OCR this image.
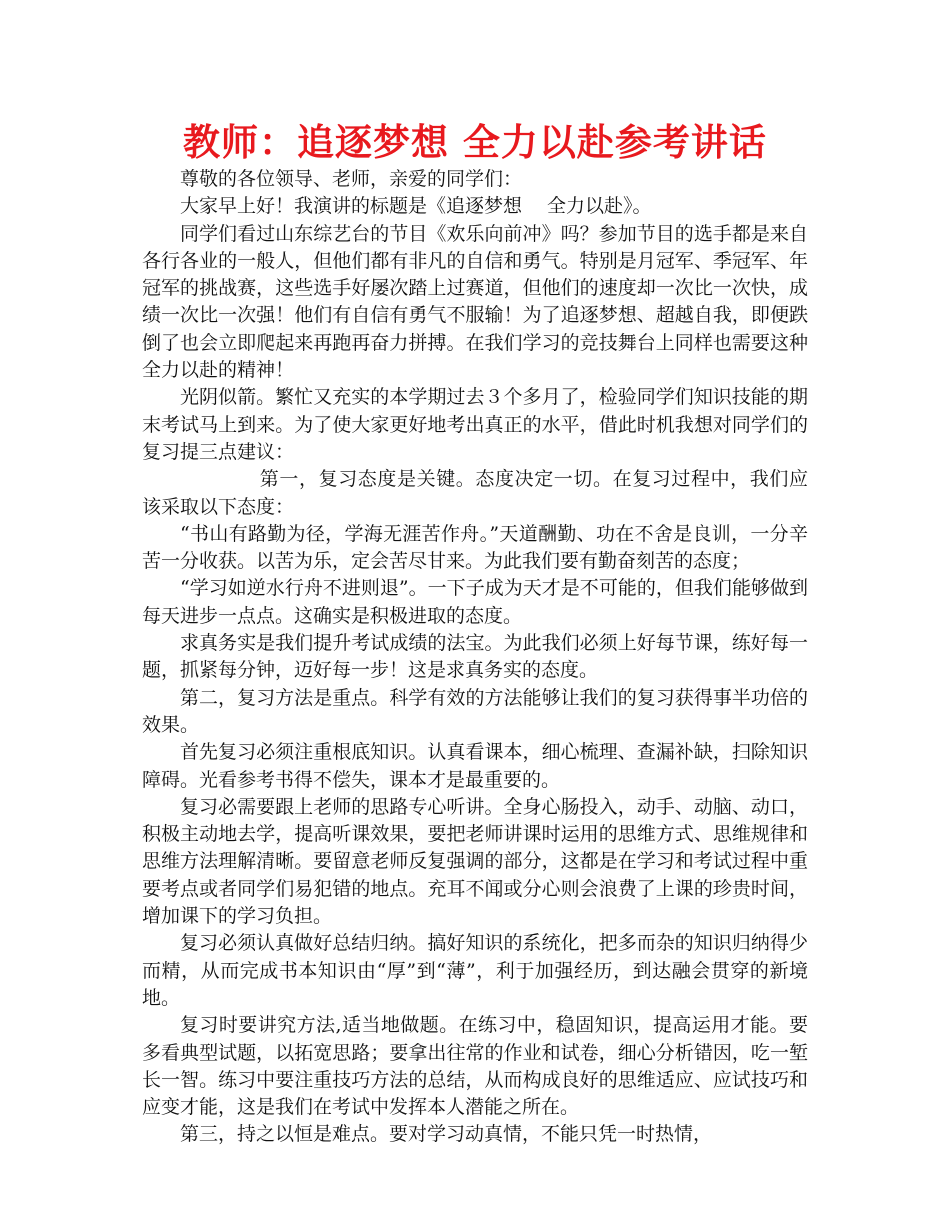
教师：追逐梦想 全力以赴参考讲话

尊敬的各位领导、老师，亲爱的同学们：

大家早上好！我演讲的标题是《追逐梦想　 全力以赴》。

同学们看过山东综艺台的节目《欢乐向前冲》吗？参加节目的选手都是来自各行各业的一般人，但他们都有非凡的自信和勇气。特别是月冠军、季冠军、年冠军的挑战赛，这些选手好屡次踏上过赛道，但他们的速度却一次比一次快，成绩一次比一次强！他们有自信有勇气不服输！为了追逐梦想、超越自我，即便跌倒了也会立即爬起来再跑再奋力拼搏。在我们学习的竞技舞台上同样也需要这种全力以赴的精神！

光阴似箭。繁忙又充实的本学期过去３个多月了，检验同学们知识技能的期末考试马上到来。为了使大家更好地考出真正的水平，借此时机我想对同学们的复习提三点建议：

第一，复习态度是关键。态度决定一切。在复习过程中，我们应该采取以下态度：

“书山有路勤为径，学海无涯苦作舟。”天道酬勤、功在不舍是良训，一分辛苦一分收获。以苦为乐，定会苦尽甘来。为此我们要有勤奋刻苦的态度；

“学习如逆水行舟不进则退”。一下子成为天才是不可能的，但我们能够做到每天进步一点点。这确实是积极进取的态度。

求真务实是我们提升考试成绩的法宝。为此我们必须上好每节课，练好每一题，抓紧每分钟，迈好每一步！这是求真务实的态度。

第二，复习方法是重点。科学有效的方法能够让我们的复习获得事半功倍的效果。

首先复习必须注重根底知识。认真看课本，细心梳理、查漏补缺，扫除知识障碍。光看参考书得不偿失，课本才是最重要的。

复习必需要跟上老师的思路专心听讲。全身心肠投入，动手、动脑、动口，积极主动地去学，提高听课效果，要把老师讲课时运用的思维方式、思维规律和思维方法理解清晰。要留意老师反复强调的部分，这都是在学习和考试过程中重要考点或者同学们易犯错的地点。充耳不闻或分心则会浪费了上课的珍贵时间，增加课下的学习负担。

复习必须认真做好总结归纳。搞好知识的系统化，把多而杂的知识归纳得少而精，从而完成书本知识由“厚”到“薄”，利于加强经历，到达融会贯穿的新境地。

复习时要讲究方法,适当地做题。在练习中，稳固知识，提高运用才能。要多看典型试题，以拓宽思路；要拿出往常的作业和试卷，细心分析错因，吃一堑长一智。练习中要注重技巧方法的总结，从而构成良好的思维适应、应试技巧和应变才能，这是我们在考试中发挥本人潜能之所在。

第三，持之以恒是难点。要对学习动真情，不能只凭一时热情，
